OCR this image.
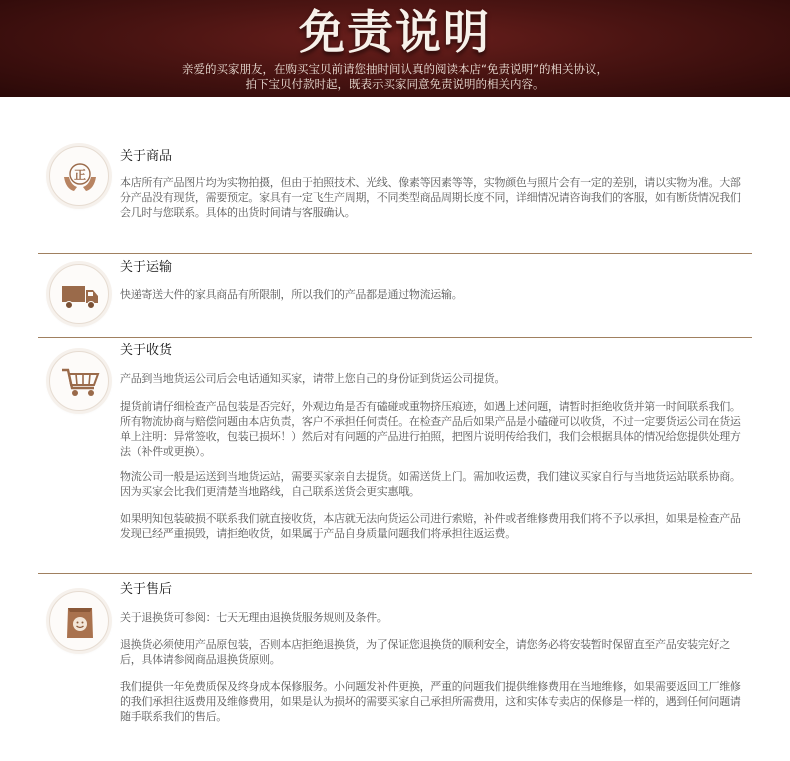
免责说明
亲爱的买家朋友，在购买宝贝前请您抽时间认真的阅读本店“免责说明”的相关协议，
拍下宝贝付款时起，既表示买家同意免责说明的相关内容。
正
关于商品
本店所有产品图片均为实物拍摄，但由于拍照技术、光线、像素等因素等等，实物颜色与照片会有一定的差别，请以实物为准。大部分产品没有现货，需要预定。家具有一定飞生产周期，不同类型商品周期长度不同，详细情况请咨询我们的客服，如有断货情况我们会几时与您联系。具体的出货时间请与客服确认。
关于运输
快递寄送大件的家具商品有所限制，所以我们的产品都是通过物流运输。
关于收货
产品到当地货运公司后会电话通知买家，请带上您自己的身份证到货运公司提货。
提货前请仔细检查产品包装是否完好，外观边角是否有磕碰或重物挤压痕迹，如遇上述问题，请暂时拒绝收货并第一时间联系我们。所有物流协商与赔偿问题由本店负责，客户不承担任何责任。在检查产品后如果产品是小磕碰可以收货，不过一定要货运公司在货运单上注明：异常签收，包装已损坏！）然后对有问题的产品进行拍照，把图片说明传给我们，我们会根据具体的情况给您提供处理方法（补件或更换）。
物流公司一般是运送到当地货运站，需要买家亲自去提货。如需送货上门。需加收运费，我们建议买家自行与当地货运站联系协商。因为买家会比我们更清楚当地路线，自己联系送货会更实惠哦。
如果明知包装破损不联系我们就直接收货，本店就无法向货运公司进行索赔，补件或者维修费用我们将不予以承担，如果是检查产品发现已经严重损毁，请拒绝收货，如果属于产品自身质量问题我们将承担往返运费。
关于售后
关于退换货可参阅：七天无理由退换货服务规则及条件。
退换货必须使用产品原包装，否则本店拒绝退换货，为了保证您退换货的顺利安全，请您务必将安装暂时保留直至产品安装完好之后，具体请参阅商品退换货原则。
我们提供一年免费质保及终身成本保修服务。小问题发补件更换，严重的问题我们提供维修费用在当地维修，如果需要返回工厂维修的我们承担往返费用及维修费用，如果是认为损坏的需要买家自己承担所需费用，这和实体专卖店的保修是一样的，遇到任何问题请随手联系我们的售后。
